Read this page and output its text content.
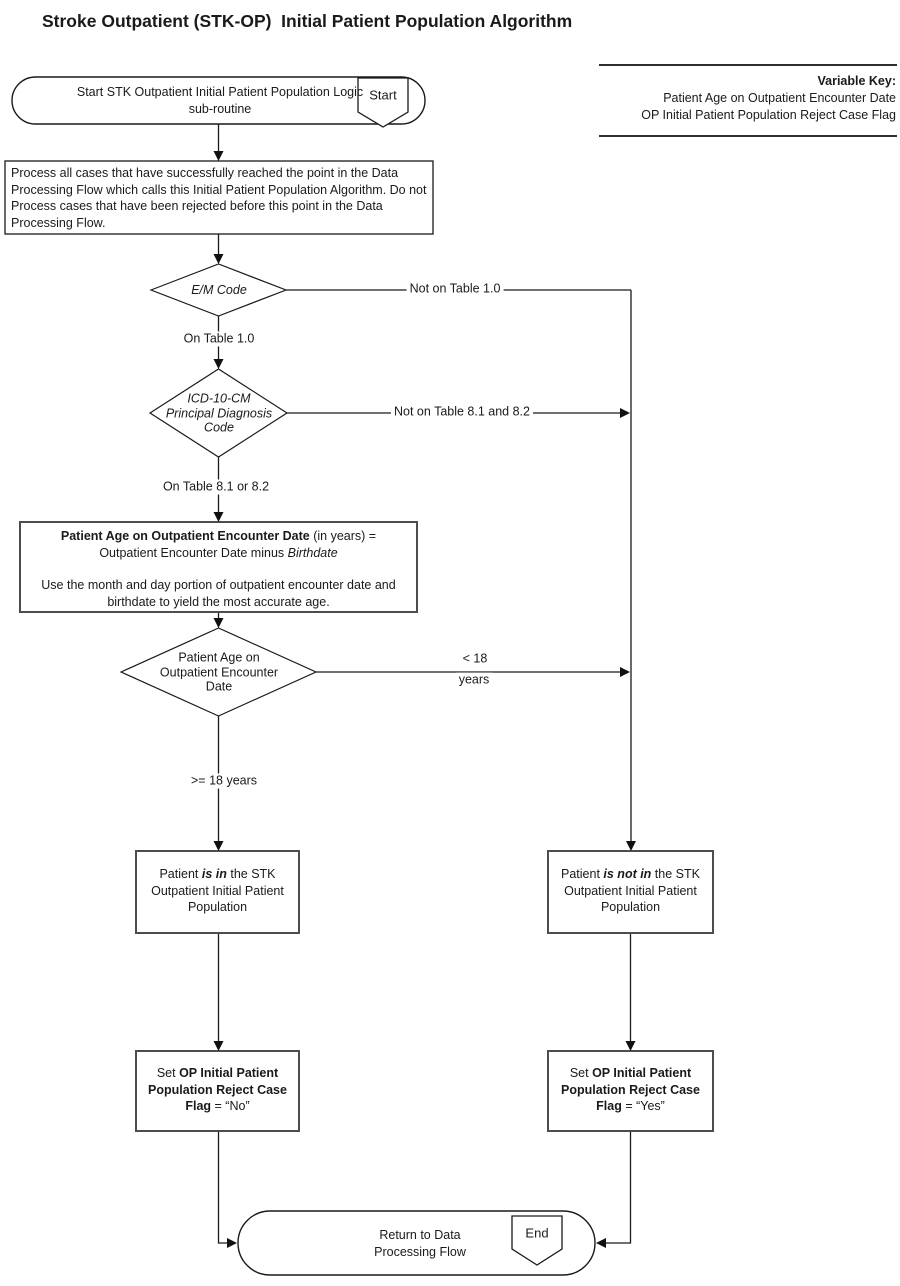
Stroke Outpatient (STK-OP)  Initial Patient Population Algorithm
Variable Key:
Patient Age on Outpatient Encounter Date
OP Initial Patient Population Reject Case Flag
Start STK Outpatient Initial Patient Population Logic sub-routine
Start
Process all cases that have successfully reached the point in the Data Processing Flow which calls this Initial Patient Population Algorithm. Do not Process cases that have been rejected before this point in the Data Processing Flow.
E/M Code	Not on Table 1.0
On Table 1.0
ICD-10-CM
Principal Diagnosis
Code
Not on Table 8.1 and 8.2
On Table 8.1 or 8.2
Patient Age on Outpatient Encounter Date (in years) =
Outpatient Encounter Date minus Birthdate
Use the month and day portion of outpatient encounter date and birthdate to yield the most accurate age.
Patient Age on
Outpatient Encounter
Date
< 18
years
>= 18 years
Patient is in the STK Outpatient Initial Patient Population
Patient is not in the STK Outpatient Initial Patient Population
Set OP Initial Patient Population Reject Case Flag = “No”
Set OP Initial Patient Population Reject Case Flag = “Yes”
Return to Data
Processing Flow
End
